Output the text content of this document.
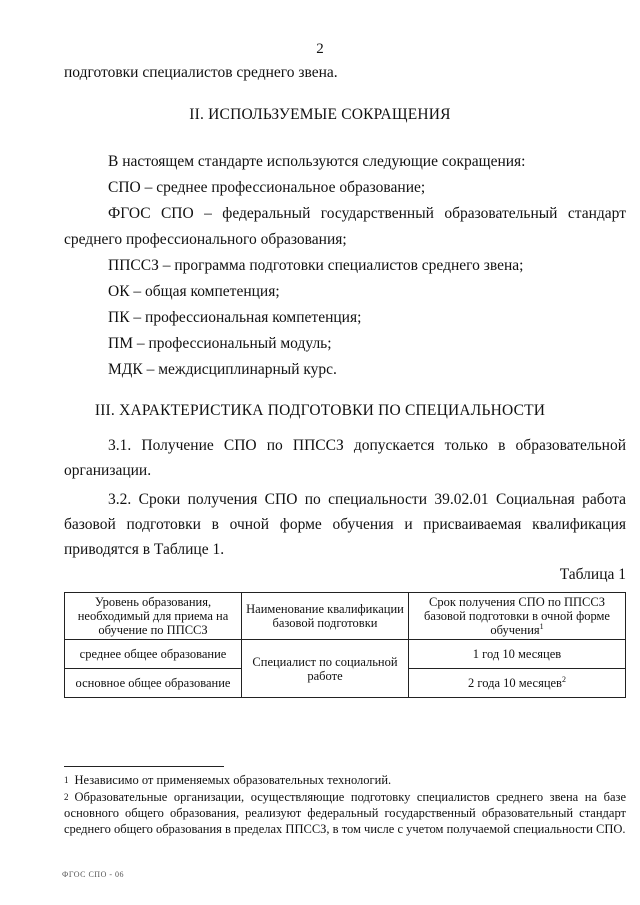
2
подготовки специалистов среднего звена.
II. ИСПОЛЬЗУЕМЫЕ СОКРАЩЕНИЯ
В настоящем стандарте используются следующие сокращения:
СПО – среднее профессиональное образование;
ФГОС СПО – федеральный государственный образовательный стандарт
среднего профессионального образования;
ППССЗ – программа подготовки специалистов среднего звена;
ОК – общая компетенция;
ПК – профессиональная компетенция;
ПМ – профессиональный модуль;
МДК – междисциплинарный курс.
III. ХАРАКТЕРИСТИКА ПОДГОТОВКИ ПО СПЕЦИАЛЬНОСТИ
3.1. Получение СПО по ППССЗ допускается только в образовательной
организации.
3.2. Сроки получения СПО по специальности 39.02.01 Социальная работа
базовой подготовки в очной форме обучения и присваиваемая квалификация
приводятся в Таблице 1.
Таблица 1
Уровень образования, необходимый для приема на обучение по ППССЗ	Наименование квалификации базовой подготовки	Срок получения СПО по ППССЗ базовой подготовки в очной форме обучения$^1$
среднее общее образование	Специалист по социальной работе	1 год 10 месяцев
основное общее образование		2 года 10 месяцев$^2$
$^1$ Независимо от применяемых образовательных технологий.
$^2$ Образовательные организации, осуществляющие подготовку специалистов среднего звена на базе основного общего образования, реализуют федеральный государственный образовательный стандарт среднего общего образования в пределах ППССЗ, в том числе с учетом получаемой специальности СПО.
ФГОС СПО - 06
